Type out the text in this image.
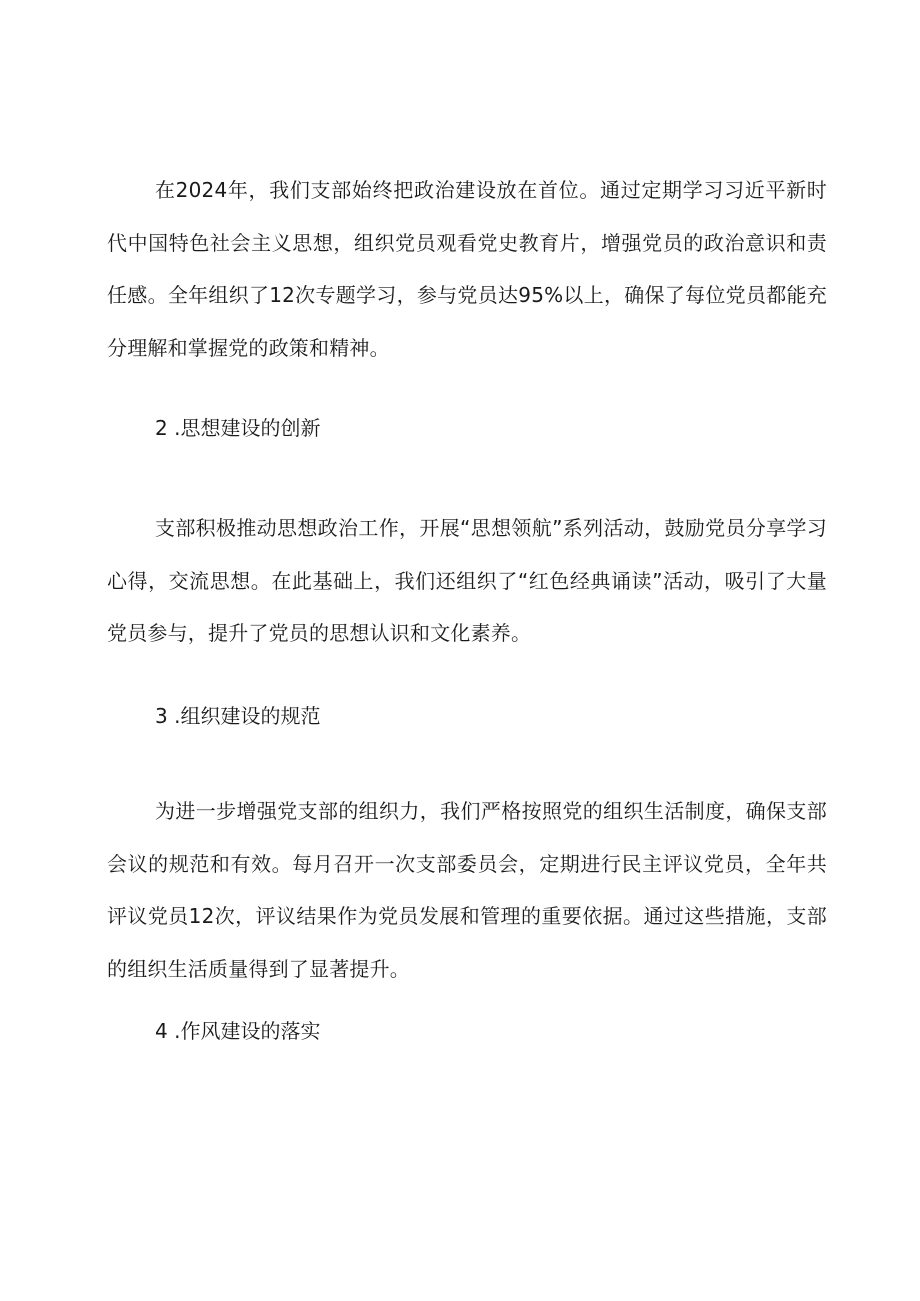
在2024年，我们支部始终把政治建设放在首位。通过定期学习习近平新时代中国特色社会主义思想，组织党员观看党史教育片，增强党员的政治意识和责任感。全年组织了12次专题学习，参与党员达95%以上，确保了每位党员都能充分理解和掌握党的政策和精神。

2 .思想建设的创新

支部积极推动思想政治工作，开展“思想领航”系列活动，鼓励党员分享学习心得，交流思想。在此基础上，我们还组织了“红色经典诵读”活动，吸引了大量党员参与，提升了党员的思想认识和文化素养。

3 .组织建设的规范

为进一步增强党支部的组织力，我们严格按照党的组织生活制度，确保支部会议的规范和有效。每月召开一次支部委员会，定期进行民主评议党员，全年共评议党员12次，评议结果作为党员发展和管理的重要依据。通过这些措施，支部的组织生活质量得到了显著提升。

4 .作风建设的落实
